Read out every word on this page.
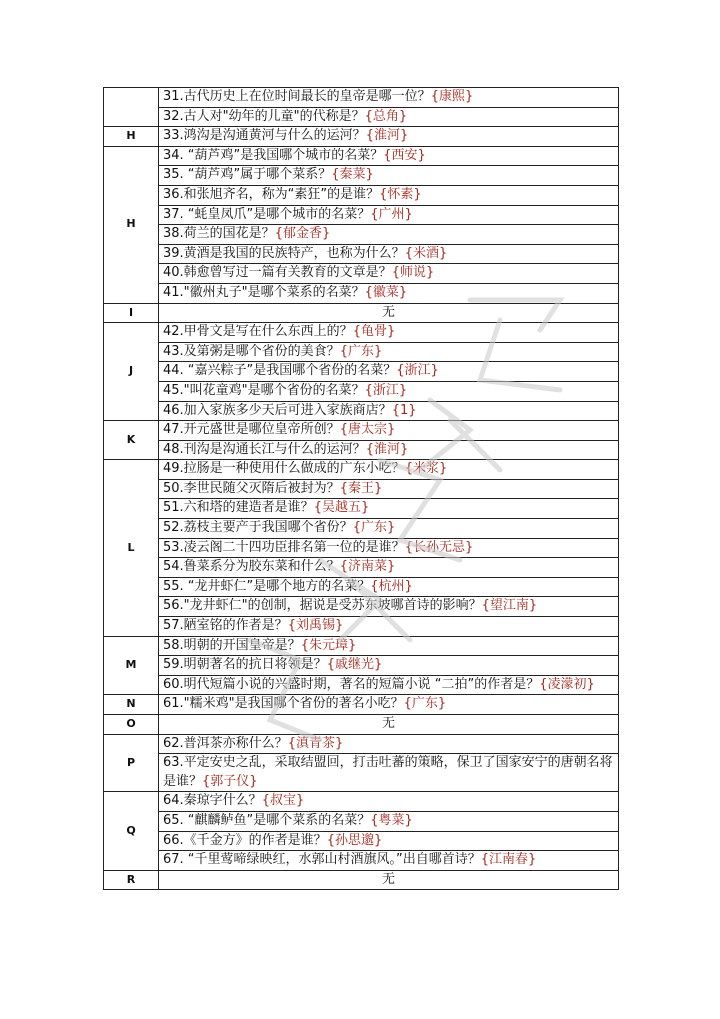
	31.古代历史上在位时间最长的皇帝是哪一位？{康熙}
	32.古人对"幼年的儿童"的代称是？{总角}
H	33.鸿沟是沟通黄河与什么的运河？{淮河}
H	34. “葫芦鸡”是我国哪个城市的名菜？{西安}
	35. “葫芦鸡”属于哪个菜系？{秦菜}
	36.和张旭齐名，称为“素狂”的是谁？{怀素}
	37. “蚝皇凤爪”是哪个城市的名菜？{广州}
	38.荷兰的国花是？{郁金香}
	39.黄酒是我国的民族特产，也称为什么？{米酒}
	40.韩愈曾写过一篇有关教育的文章是？{师说}
	41."徽州丸子"是哪个菜系的名菜？{徽菜}
I	无
J	42.甲骨文是写在什么东西上的？{龟骨}
	43.及第粥是哪个省份的美食？{广东}
	44. “嘉兴粽子”是我国哪个省份的名菜？{浙江}
	45."叫花童鸡"是哪个省份的名菜？{浙江}
	46.加入家族多少天后可进入家族商店？{1}
K	47.开元盛世是哪位皇帝所创？{唐太宗}
	48.刊沟是沟通长江与什么的运河？{淮河}
L	49.拉肠是一种使用什么做成的广东小吃？{米浆}
	50.李世民随父灭隋后被封为？{秦王}
	51.六和塔的建造者是谁？{吴越五}
	52.荔枝主要产于我国哪个省份？{广东}
	53.凌云阁二十四功臣排名第一位的是谁？{长孙无忌}
	54.鲁菜系分为胶东菜和什么？{济南菜}
	55. “龙井虾仁”是哪个地方的名菜？{杭州}
	56."龙井虾仁"的创制，据说是受苏东坡哪首诗的影响？{望江南}
	57.陋室铭的作者是？{刘禹锡}
M	58.明朝的开国皇帝是？{朱元璋}
	59.明朝著名的抗日将领是？{戚继光}
	60.明代短篇小说的兴盛时期，著名的短篇小说 “二拍”的作者是？{凌濛初}
N	61."糯米鸡"是我国哪个省份的著名小吃？{广东}
O	无
P	62.普洱茶亦称什么？{滇青茶}
	63.平定安史之乱，采取结盟回，打击吐蕃的策略，保卫了国家安宁的唐朝名将是谁？{郭子仪}
Q	64.秦琼字什么？{叔宝}
	65. “麒麟鲈鱼”是哪个菜系的名菜？{粤菜}
	66.《千金方》的作者是谁？{孙思邈}
	67. “千里莺啼绿映红，水郭山村酒旗风。”出自哪首诗？{江南春}
R	无
